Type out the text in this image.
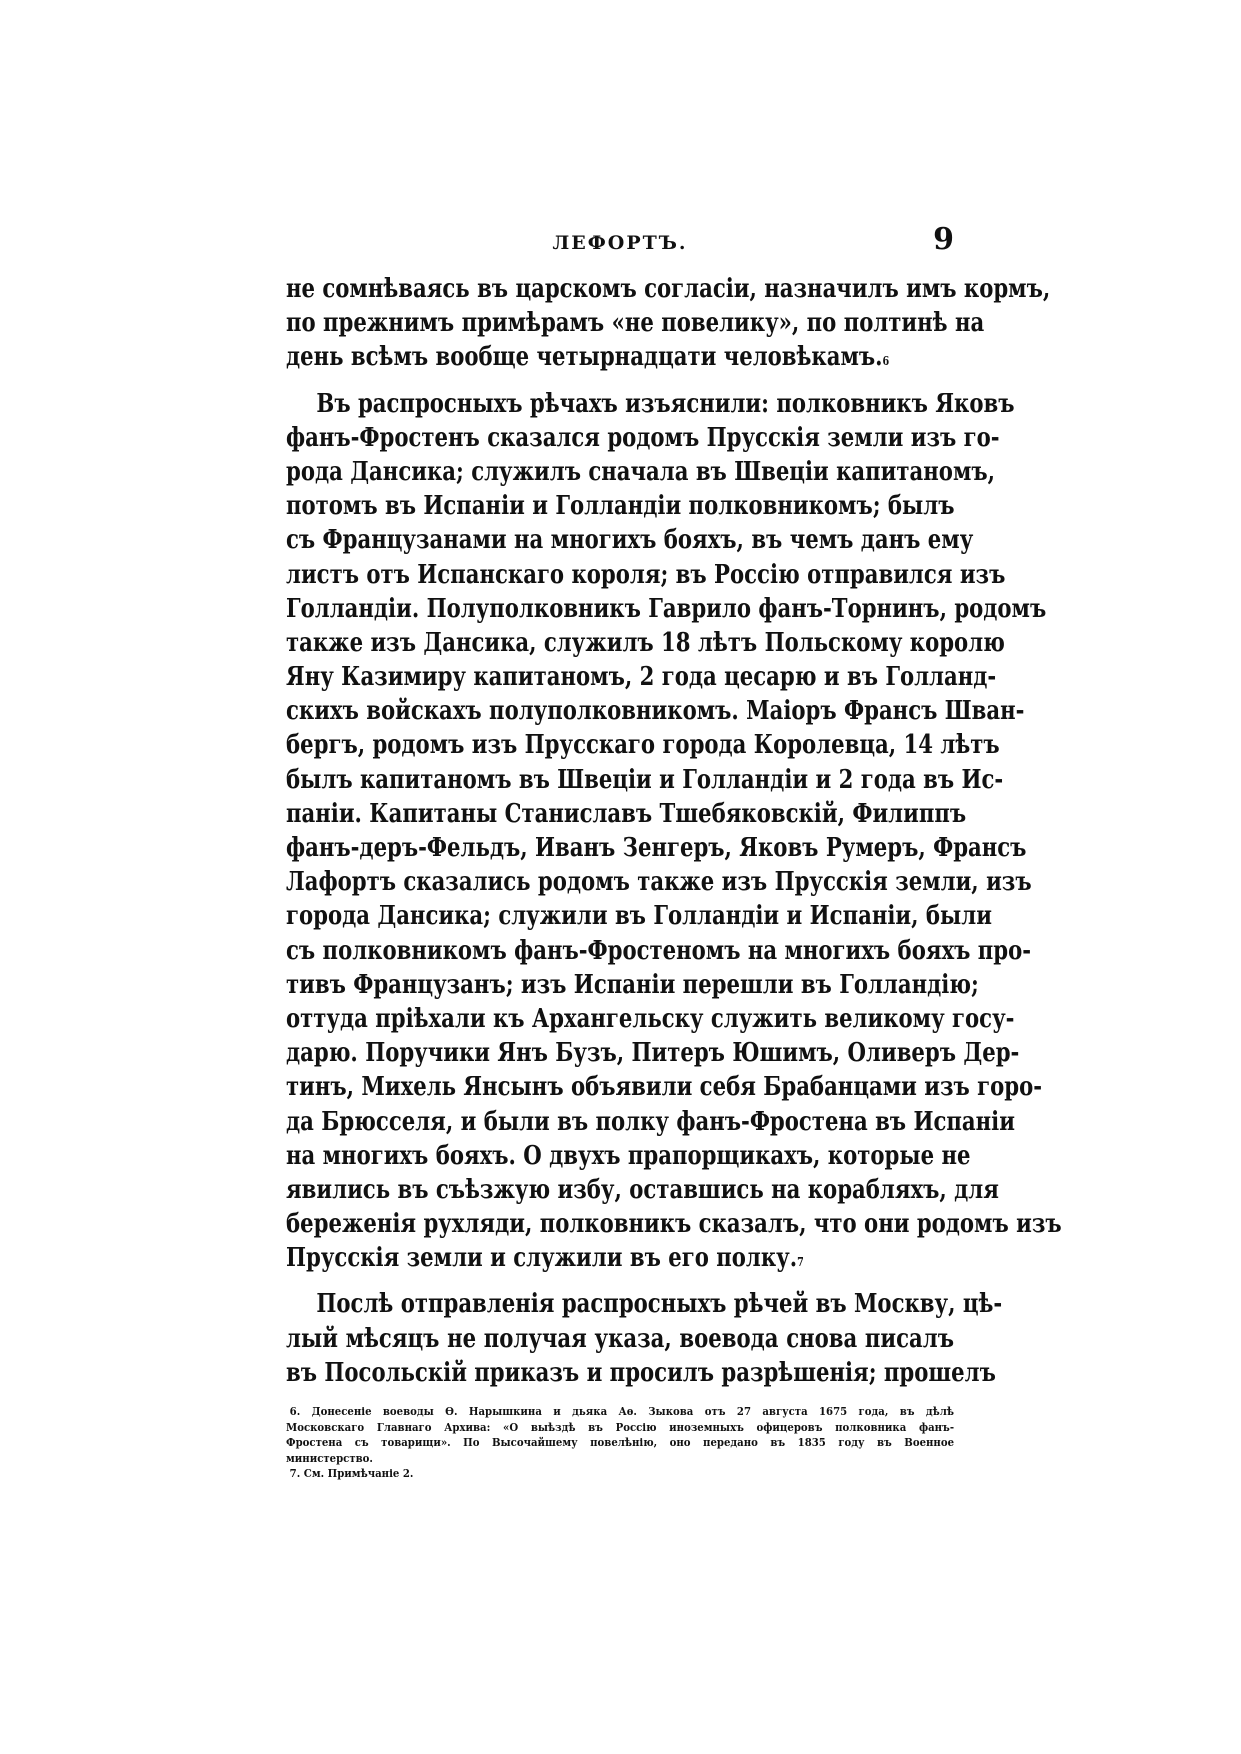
ЛЕФОРТЪ.	9
не сомнѣваясь въ царскомъ согласіи, назначилъ имъ кормъ,
по прежнимъ примѣрамъ «не повелику», по полтинѣ на
день всѣмъ вообще четырнадцати человѣкамъ.$^6$
Въ распросныхъ рѣчахъ изъяснили: полковникъ Яковъ
фанъ-Фростенъ сказался родомъ Прусскія земли изъ го-
рода Дансика; служилъ сначала въ Швеціи капитаномъ,
потомъ въ Испаніи и Голландіи полковникомъ; былъ
съ Французанами на многихъ бояхъ, въ чемъ данъ ему
листъ отъ Испанскаго короля; въ Россію отправился изъ
Голландіи. Полуполковникъ Гаврило фанъ-Торнинъ, родомъ
также изъ Дансика, служилъ 18 лѣтъ Польскому королю
Яну Казимиру капитаномъ, 2 года цесарю и въ Голланд-
скихъ войскахъ полуполковникомъ. Маіоръ Франсъ Шван-
бергъ, родомъ изъ Прусскаго города Королевца, 14 лѣтъ
былъ капитаномъ въ Швеціи и Голландіи и 2 года въ Ис-
паніи. Капитаны Станиславъ Тшебяковскій, Филиппъ
фанъ-деръ-Фельдъ, Иванъ Зенгеръ, Яковъ Румеръ, Франсъ
Лафортъ сказались родомъ также изъ Прусскія земли, изъ
города Дансика; служили въ Голландіи и Испаніи, были
съ полковникомъ фанъ-Фростеномъ на многихъ бояхъ про-
тивъ Французанъ; изъ Испаніи перешли въ Голландію;
оттуда пріѣхали къ Архангельску служить великому госу-
дарю. Поручики Янъ Бузъ, Питеръ Юшимъ, Оливеръ Дер-
тинъ, Михель Янсынъ объявили себя Брабанцами изъ горо-
да Брюсселя, и были въ полку фанъ-Фростена въ Испаніи
на многихъ бояхъ. О двухъ прапорщикахъ, которые не
явились въ съѣзжую избу, оставшись на корабляхъ, для
береженія рухляди, полковникъ сказалъ, что они родомъ изъ
Прусскія земли и служили въ его полку.$^7$
Послѣ отправленія распросныхъ рѣчей въ Москву, цѣ-
лый мѣсяцъ не получая указа, воевода снова писалъ
въ Посольскій приказъ и просилъ разрѣшенія; прошелъ
6. Донесеніе воеводы Ѳ. Нарышкина и дьяка Аѳ. Зыкова отъ 27 августа 1675 года, въ дѣлѣ
Московскаго Главнаго Архива: «О выѣздѣ въ Россію иноземныхъ офицеровъ полковника фанъ-
Фростена съ товарищи». По Высочайшему повелѣнію, оно передано въ 1835 году въ Военное
министерство.
7. См. Примѣчаніе 2.
